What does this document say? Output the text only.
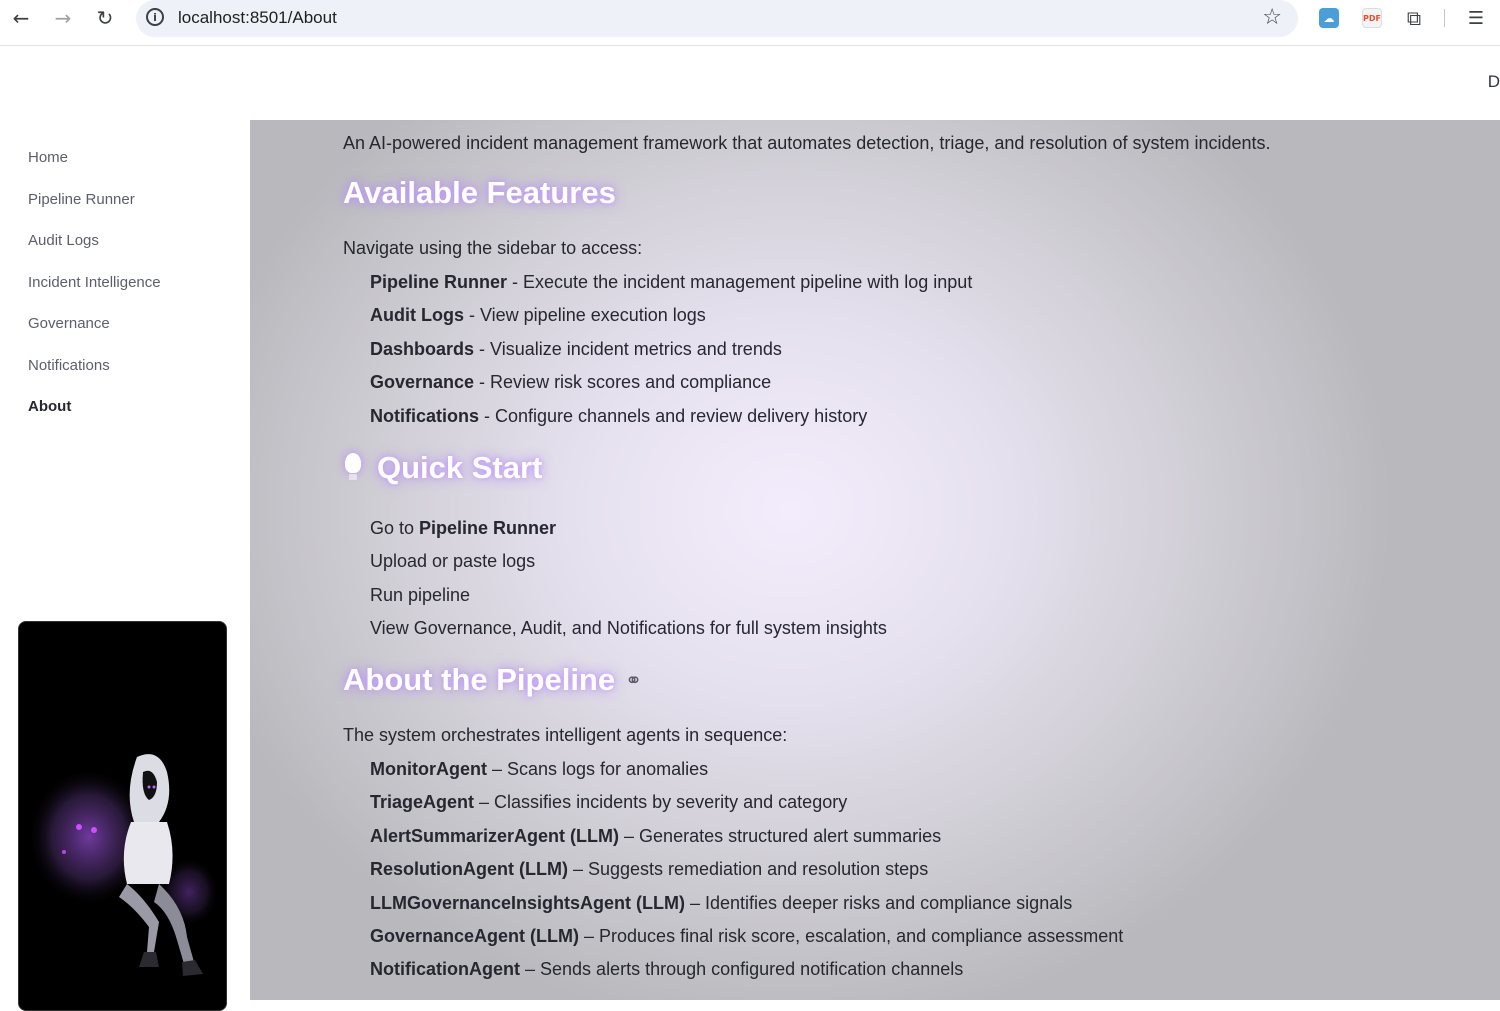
←	→	↻	i	localhost:8501/About	☆	☁	PDF ⧉	☰
D
Home
Pipeline Runner
Audit Logs
Incident Intelligence
Governance
Notifications
About
An AI-powered incident management framework that automates detection, triage, and resolution of system incidents.
Available Features
Navigate using the sidebar to access:
Pipeline Runner - Execute the incident management pipeline with log input
Audit Logs - View pipeline execution logs
Dashboards - Visualize incident metrics and trends
Governance - Review risk scores and compliance
Notifications - Configure channels and review delivery history
Quick Start
Go to Pipeline Runner
Upload or paste logs
Run pipeline
View Governance, Audit, and Notifications for full system insights
About the Pipeline ⚭
The system orchestrates intelligent agents in sequence:
MonitorAgent – Scans logs for anomalies
TriageAgent – Classifies incidents by severity and category
AlertSummarizerAgent (LLM) – Generates structured alert summaries
ResolutionAgent (LLM) – Suggests remediation and resolution steps
LLMGovernanceInsightsAgent (LLM) – Identifies deeper risks and compliance signals
GovernanceAgent (LLM) – Produces final risk score, escalation, and compliance assessment
NotificationAgent – Sends alerts through configured notification channels
